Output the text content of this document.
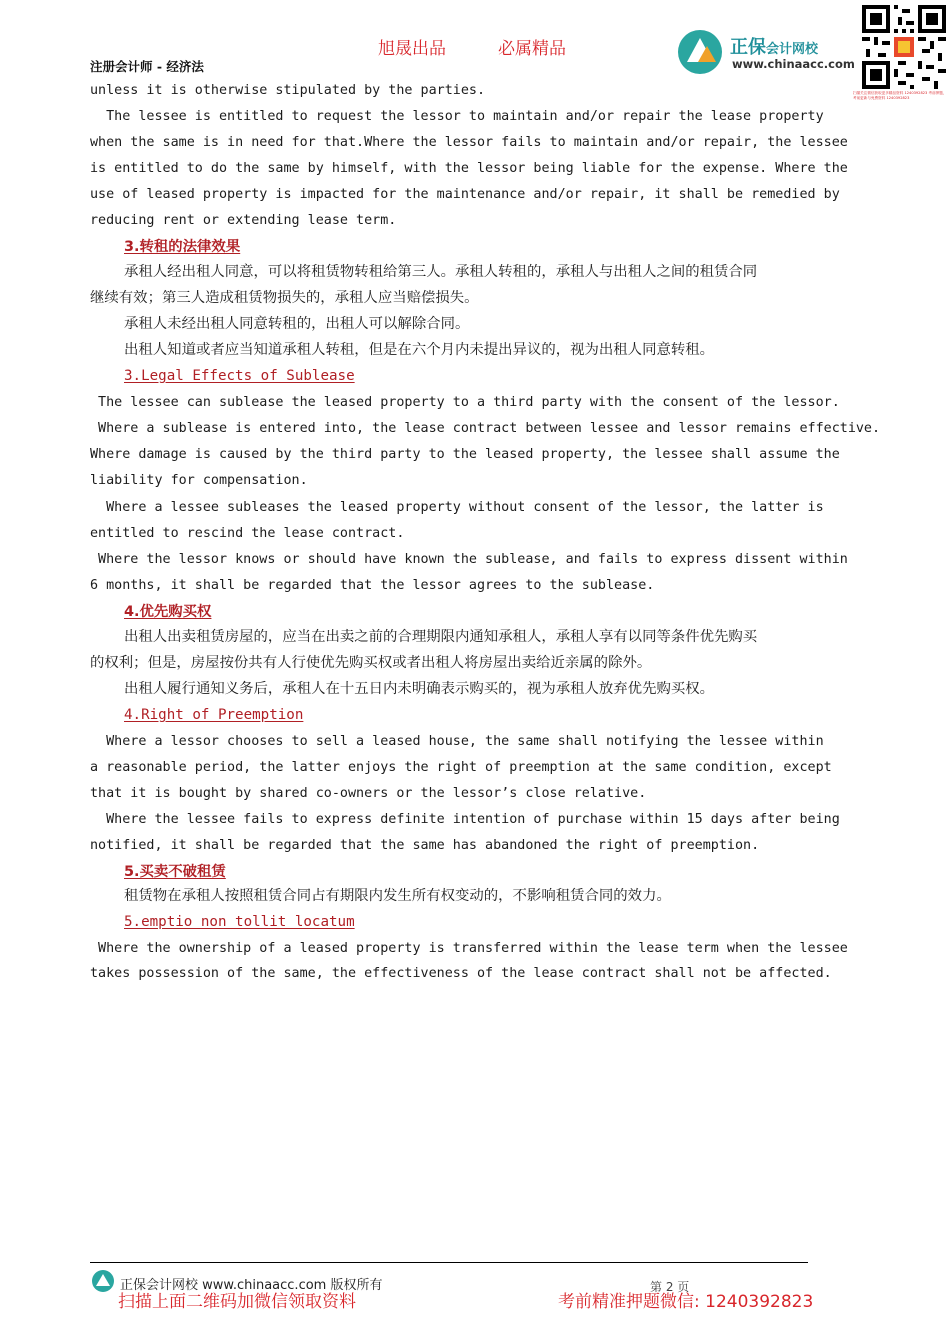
旭晟出品	必属精品
注册会计师 - 经济法
正保会计网校
www.chinaacc.com
扫描关注微信获取更多精品资料 1240392823 考前押题，考前更新与免费资料 1240392823
unless it is otherwise stipulated by the parties.
The lessee is entitled to request the lessor to maintain and/or repair the lease property
when the same is in need for that.Where the lessor fails to maintain and/or repair, the lessee
is entitled to do the same by himself, with the lessor being liable for the expense. Where the
use of leased property is impacted for the maintenance and/or repair, it shall be remedied by
reducing rent or extending lease term.
3.转租的法律效果
承租人经出租人同意，可以将租赁物转租给第三人。承租人转租的，承租人与出租人之间的租赁合同
继续有效；第三人造成租赁物损失的，承租人应当赔偿损失。
承租人未经出租人同意转租的，出租人可以解除合同。
出租人知道或者应当知道承租人转租，但是在六个月内未提出异议的，视为出租人同意转租。
3.Legal Effects of Sublease
The lessee can sublease the leased property to a third party with the consent of the lessor.
Where a sublease is entered into, the lease contract between lessee and lessor remains effective.
Where damage is caused by the third party to the leased property, the lessee shall assume the
liability for compensation.
Where a lessee subleases the leased property without consent of the lessor, the latter is
entitled to rescind the lease contract.
Where the lessor knows or should have known the sublease, and fails to express dissent within
6 months, it shall be regarded that the lessor agrees to the sublease.
4.优先购买权
出租人出卖租赁房屋的，应当在出卖之前的合理期限内通知承租人，承租人享有以同等条件优先购买
的权利；但是，房屋按份共有人行使优先购买权或者出租人将房屋出卖给近亲属的除外。
出租人履行通知义务后，承租人在十五日内未明确表示购买的，视为承租人放弃优先购买权。
4.Right of Preemption
Where a lessor chooses to sell a leased house, the same shall notifying the lessee within
a reasonable period, the latter enjoys the right of preemption at the same condition, except
that it is bought by shared co-owners or the lessor’s close relative.
Where the lessee fails to express definite intention of purchase within 15 days after being
notified, it shall be regarded that the same has abandoned the right of preemption.
5.买卖不破租赁
租赁物在承租人按照租赁合同占有期限内发生所有权变动的，不影响租赁合同的效力。
5.emptio non tollit locatum
Where the ownership of a leased property is transferred within the lease term when the lessee
takes possession of the same, the effectiveness of the lease contract shall not be affected.
正保会计网校 www.chinaacc.com 版权所有	第 2 页
扫描上面二维码加微信领取资料	考前精准押题微信: 1240392823
